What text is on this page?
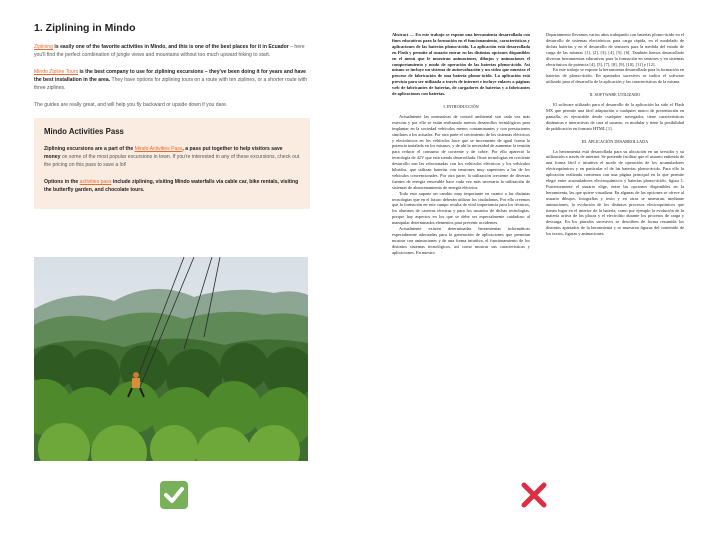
1. Ziplining in Mindo

Ziplining is easily one of the favorite activities in Mindo, and this is one of the best places for it in Ecuador – here you'll find the perfect combination of jungle views and mountains without too much upward hiking to start.

Mindo Zipline Tours is the best company to use for ziplining excursions – they've been doing it for years and have the best installation in the area. They have options for ziplining tours on a route with ten ziplines, or a shorter route with three ziplines.

The guides are really great, and will help you fly backward or upside down if you dare.

Mindo Activities Pass

Ziplining excursions are a part of the Mindo Activities Pass, a pass put together to help visitors save money on some of the most popular excursions in town. If you're interested in any of these excursions, check out the pricing on this pass to save a lot!

Options in the activities pass include ziplining, visiting Mindo waterfalls via cable car, bike rentals, visiting the butterfly garden, and chocolate tours.

Abstract — En este trabajo se expone una herramienta desarrollada con fines educativos para la formación en el funcionamiento, características y aplicaciones de las baterías plomo-ácido. La aplicación está desarrollada en Flash y permite al usuario entrar en las distintas opciones disponibles en el menú que le muestran animaciones, dibujos y animaciones el comportamiento y modo de operación de las baterías plomo-ácido. Así mismo se incluye un sistema de autoevaluación y un vídeo que muestra el proceso de fabricación de una batería plomo-ácido. La aplicación está prevista para ser utilizada a través de internet e incluye enlaces a páginas web de fabricantes de baterías, de cargadores de baterías y a fabricantes de aplicaciones con baterías.

I. INTRODUCCIÓN

Actualmente las normativas de control ambiental son cada vez más estrictas y por ello se están realizando nuevos desarrollos tecnológicos para implantar en la sociedad vehículos menos contaminantes y con prestaciones similares a los actuales. Por otra parte el crecimiento de los sistemas eléctricos y electrónicos en los vehículos hace que se incremente de igual forma la potencia instalada en los mismos, y de ahí la necesidad de aumentar la tensión para reducir el consumo de corriente y de cobre. Por ello apareció la tecnología de 42V que está siendo desarrollada. Otras tecnologías en creciente desarrollo son las relacionadas con los vehículos eléctricos y los vehículos híbridos, que utilizan baterías con tensiones muy superiores a las de los vehículos convencionales. Por otra parte, la utilización creciente de diversas fuentes de energía renovable hace cada vez más necesaria la utilización de sistemas de almacenamiento de energía eléctrica.

Todo esto supone un cambio muy importante en cuanto a las distintas tecnologías que en el futuro deberán utilizar los ciudadanos. Por ello creemos que la formación en este campo resulta de vital importancia para los técnicos, los alumnos de carreras técnicas y para los usuarios de dichas tecnologías, porque hay aspectos en los que se debe ser especialmente cuidadoso al manipular determinados elementos para prevenir accidentes.

Actualmente existen determinadas herramientas informáticas especialmente adecuadas para la generación de aplicaciones que permitan mostrar con animaciones y de una forma intuitiva, el funcionamiento de los distintos sistemas tecnológicos, así como mostrar sus características y aplicaciones. En nuestro

Departamento llevamos varios años trabajando con baterías plomo-ácido en el desarrollo de sistemas electrónicos para carga rápida, en el modelado de dichas baterías y en el desarrollo de sensores para la medida del estado de carga de las mismas [1], [2], [3], [4], [5], [6]. También hemos desarrollado diversas herramientas educativas para la formación en sensores y en sistemas electrónicos de potencia [4], [5], [7], [8], [9], [10], [11] y [12].

En este trabajo se expone la herramienta desarrollada para la formación en baterías de plomo-ácido. En apartados sucesivos se indica el software utilizado para el desarrollo de la aplicación y las características de la misma.

II. SOFTWARE UTILIZADO

El software utilizado para el desarrollo de la aplicación ha sido el Flash MX que permite una fácil adaptación a cualquier marco de presentación en pantalla, es ejecutable desde cualquier navegador, tiene características dinámicas e interactivas de cara al usuario, es modular y tiene la posibilidad de publicación en formato HTML [1].

III. APLICACIÓN DESARROLLADA

La herramienta está desarrollada para su ubicación en un servidor y su utilización a través de internet. Se pretende facilitar que el usuario entienda de una forma fácil e intuitiva el modo de operación de los acumuladores electroquímicos y en particular el de las baterías plomo-ácido. Para ello la aplicación realizada comienza con una página principal en la que permite elegir entre acumuladores electroquímicos y baterías plomo-ácido, figura 1. Posteriormente el usuario elige, entre las opciones disponibles en la herramienta, las que quiere visualizar. En algunas de las opciones se ofrece al usuario dibujos, fotografías y texto y en otras se muestran, mediante animaciones, la evolución de los distintos procesos electroquímicos que tienen lugar en el interior de la batería, como por ejemplo la evolución de la materia activa de las placas y el electrolito durante los procesos de carga y descarga. En los párrafos sucesivos se describen de forma resumida los distintos apartados de la herramienta y se muestran figuras del contenido de los textos, figuras y animaciones.
